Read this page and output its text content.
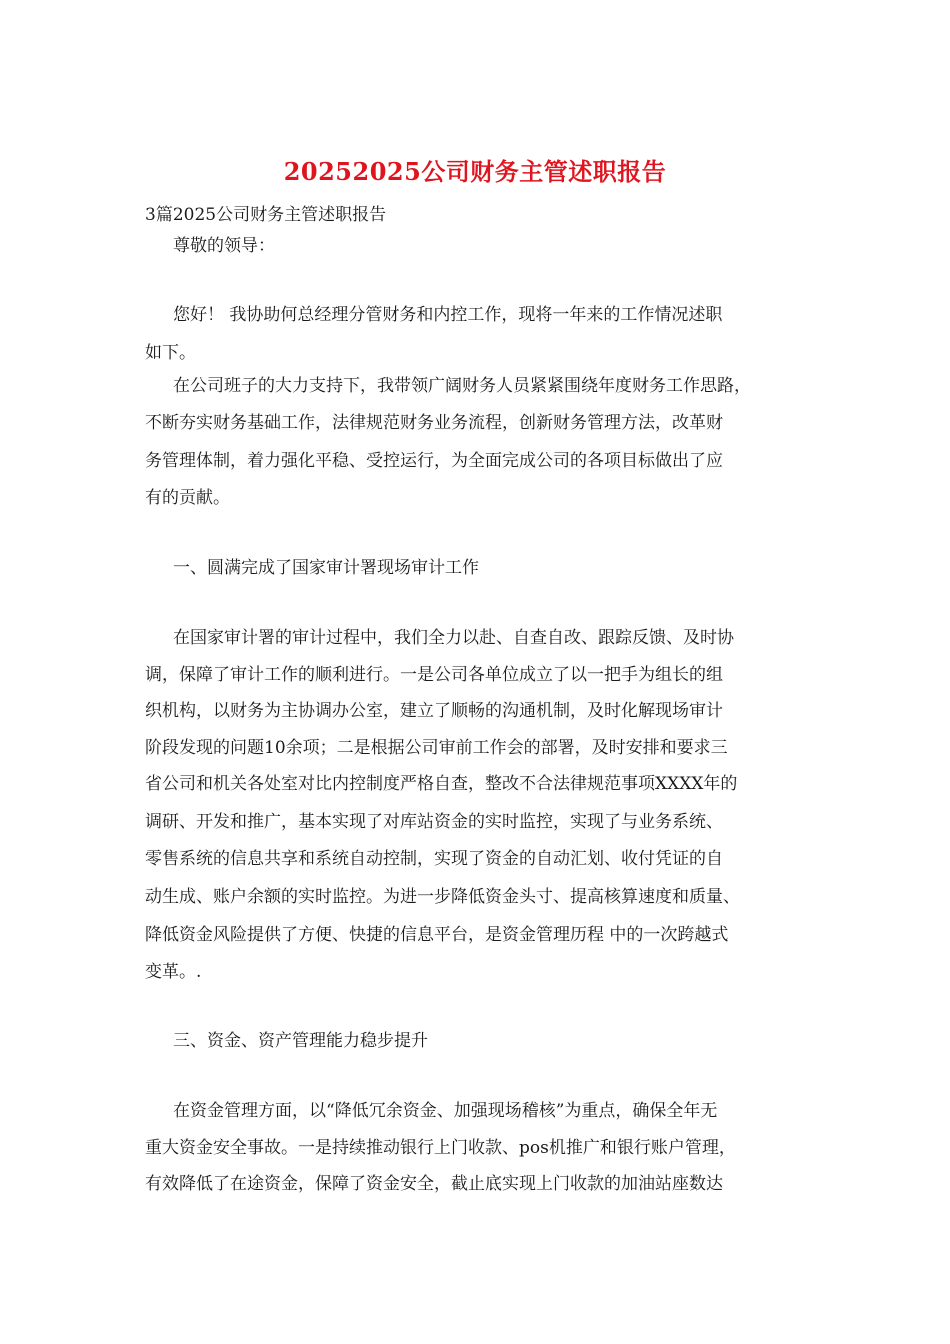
20252025公司财务主管述职报告
3篇2025公司财务主管述职报告
尊敬的领导：
您好！ 我协助何总经理分管财务和内控工作，现将一年来的工作情况述职
如下。
在公司班子的大力支持下，我带领广阔财务人员紧紧围绕年度财务工作思路，
不断夯实财务基础工作，法律规范财务业务流程，创新财务管理方法，改革财
务管理体制，着力强化平稳、受控运行，为全面完成公司的各项目标做出了应
有的贡献。
一、圆满完成了国家审计署现场审计工作
在国家审计署的审计过程中，我们全力以赴、自查自改、跟踪反馈、及时协
调，保障了审计工作的顺利进行。一是公司各单位成立了以一把手为组长的组
织机构，以财务为主协调办公室，建立了顺畅的沟通机制，及时化解现场审计
阶段发现的问题10余项；二是根据公司审前工作会的部署，及时安排和要求三
省公司和机关各处室对比内控制度严格自查，整改不合法律规范事项XXXX年的
调研、开发和推广，基本实现了对库站资金的实时监控，实现了与业务系统、
零售系统的信息共享和系统自动控制，实现了资金的自动汇划、收付凭证的自
动生成、账户余额的实时监控。为进一步降低资金头寸、提高核算速度和质量、
降低资金风险提供了方便、快捷的信息平台，是资金管理历程 中的一次跨越式
变革。.
三、资金、资产管理能力稳步提升
在资金管理方面，以“降低冗余资金、加强现场稽核”为重点，确保全年无
重大资金安全事故。一是持续推动银行上门收款、pos机推广和银行账户管理，
有效降低了在途资金，保障了资金安全，截止底实现上门收款的加油站座数达
